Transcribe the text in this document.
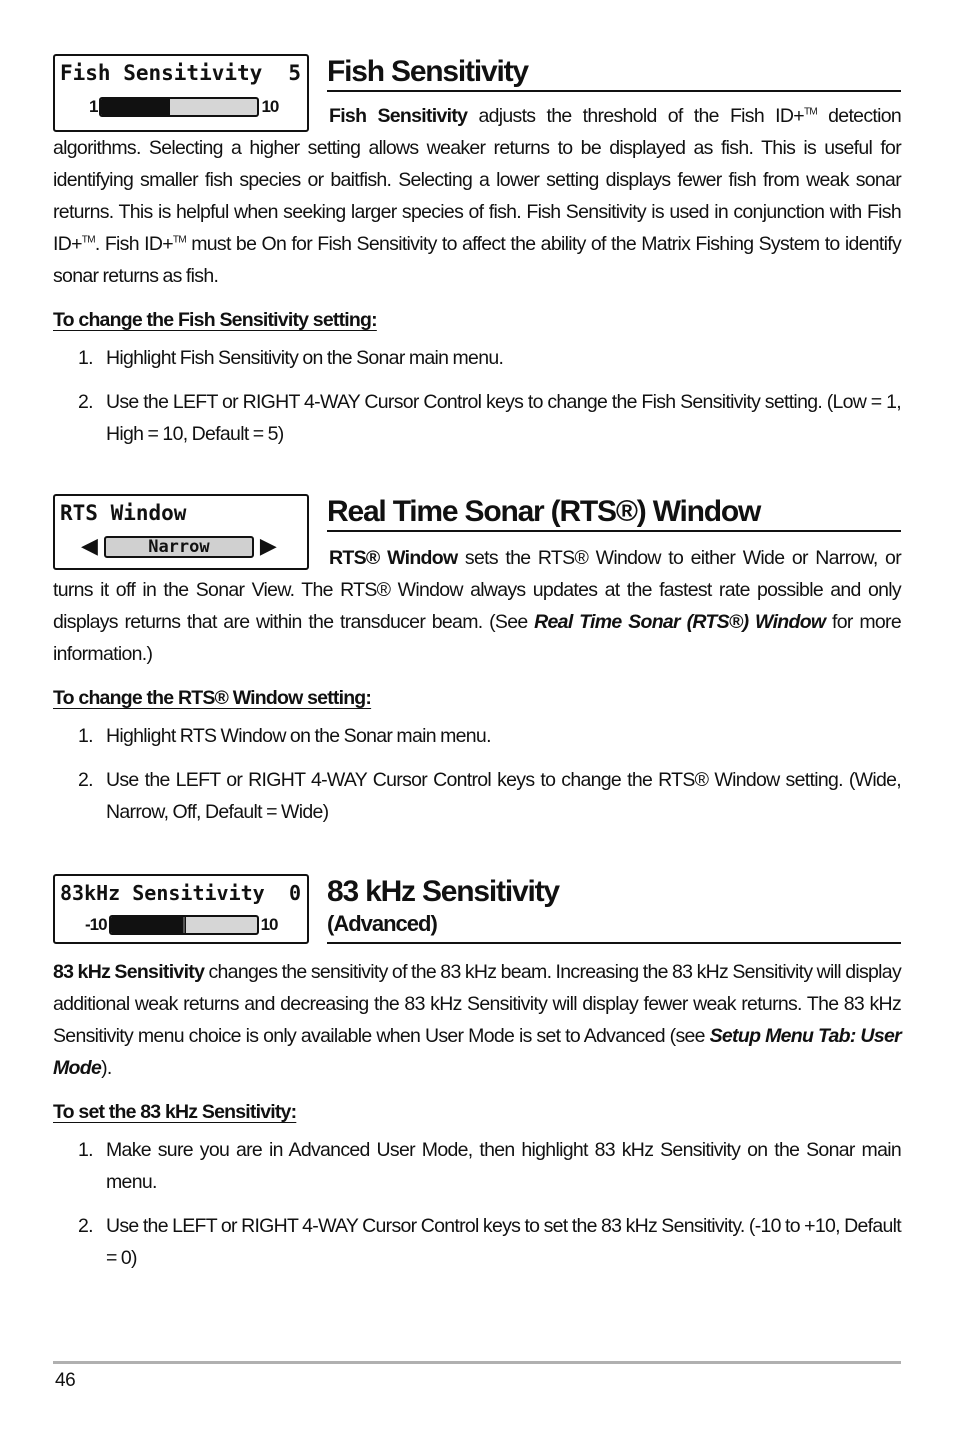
Fish Sensitivity 5
1	10
Fish Sensitivity

Fish Sensitivity adjusts the threshold of the Fish ID+™ detection algorithms. Selecting a higher setting allows weaker returns to be displayed as fish. This is useful for identifying smaller fish species or baitfish. Selecting a lower setting displays fewer fish from weak sonar returns. This is helpful when seeking larger species of fish. Fish Sensitivity is used in conjunction with Fish ID+™. Fish ID+™ must be On for Fish Sensitivity to affect the ability of the Matrix Fishing System to identify sonar returns as fish.

To change the Fish Sensitivity setting:
1. Highlight Fish Sensitivity on the Sonar main menu.
2. Use the LEFT or RIGHT 4-WAY Cursor Control keys to change the Fish Sensitivity setting. (Low = 1, High = 10, Default = 5)
RTS Window
◀	Narrow	▶
Real Time Sonar (RTS®) Window

RTS® Window sets the RTS® Window to either Wide or Narrow, or turns it off in the Sonar View. The RTS® Window always updates at the fastest rate possible and only displays returns that are within the transducer beam. (See Real Time Sonar (RTS®) Window for more information.)

To change the RTS® Window setting:
1. Highlight RTS Window on the Sonar main menu.
2. Use the LEFT or RIGHT 4-WAY Cursor Control keys to change the RTS® Window setting. (Wide, Narrow, Off, Default = Wide)
83kHz Sensitivity 0
-10	10
83 kHz Sensitivity
(Advanced)

83 kHz Sensitivity changes the sensitivity of the 83 kHz beam. Increasing the 83 kHz Sensitivity will display additional weak returns and decreasing the 83 kHz Sensitivity will display fewer weak returns. The 83 kHz Sensitivity menu choice is only available when User Mode is set to Advanced (see Setup Menu Tab: User Mode).

To set the 83 kHz Sensitivity:
1. Make sure you are in Advanced User Mode, then highlight 83 kHz Sensitivity on the Sonar main menu.
2. Use the LEFT or RIGHT 4-WAY Cursor Control keys to set the 83 kHz Sensitivity. (-10 to +10, Default = 0)
46
